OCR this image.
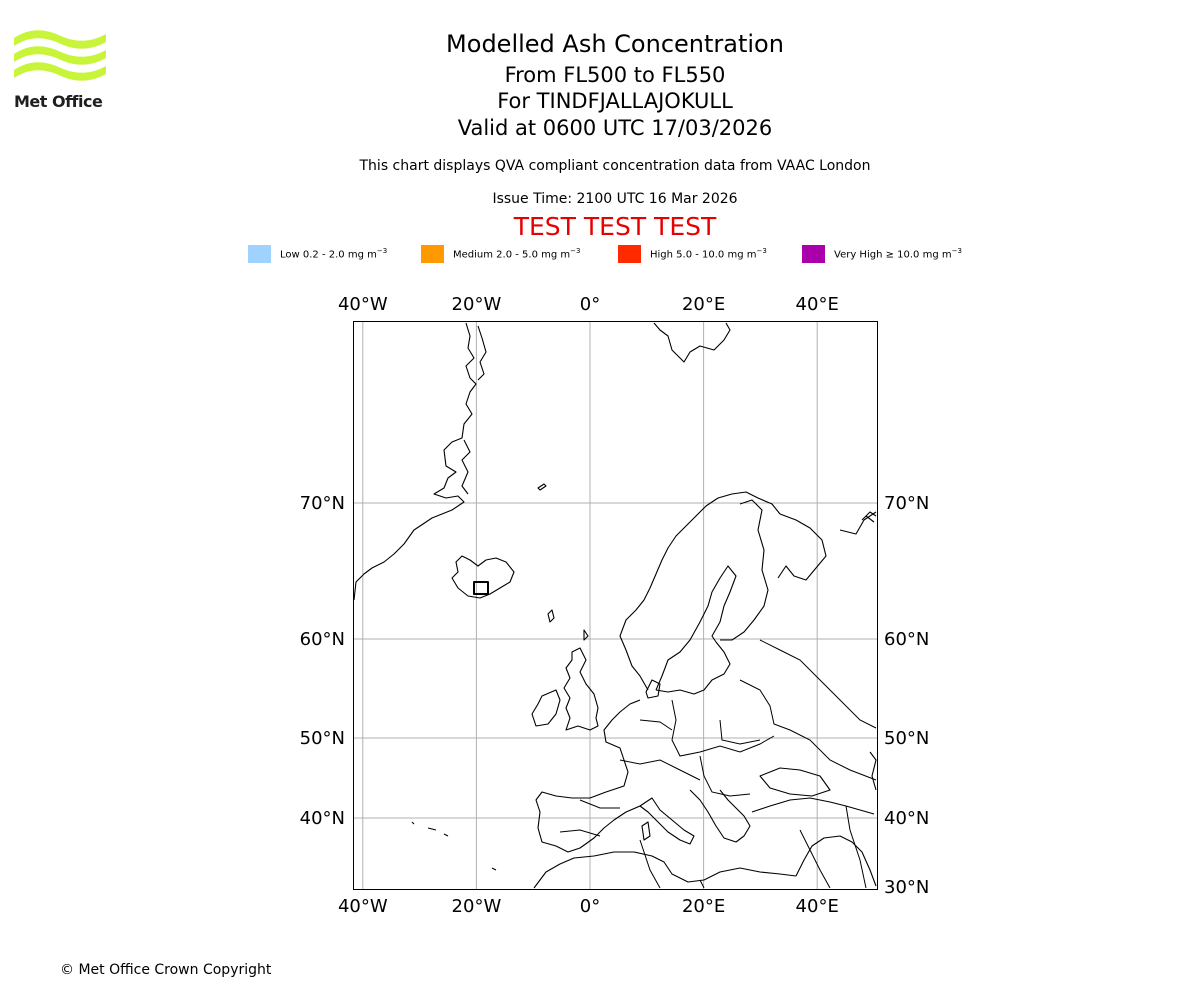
Met Office
Modelled Ash Concentration
From FL500 to FL550
For TINDFJALLAJOKULL
Valid at 0600 UTC 17/03/2026
This chart displays QVA compliant concentration data from VAAC London
Issue Time: 2100 UTC 16 Mar 2026
TEST TEST TEST
Low 0.2 - 2.0 mg $m^{-3}$	Medium 2.0 - 5.0 mg $m^{-3}$	High 5.0 - 10.0 mg $m^{-3}$	Very High ≥ 10.0 mg $m^{-3}$
40°W
40°W
20°W
20°W
0°
0°
20°E
20°E
40°E
40°E
70°N	70°N
60°N	60°N
50°N	50°N
40°N	40°N
30°N
© Met Office Crown Copyright
